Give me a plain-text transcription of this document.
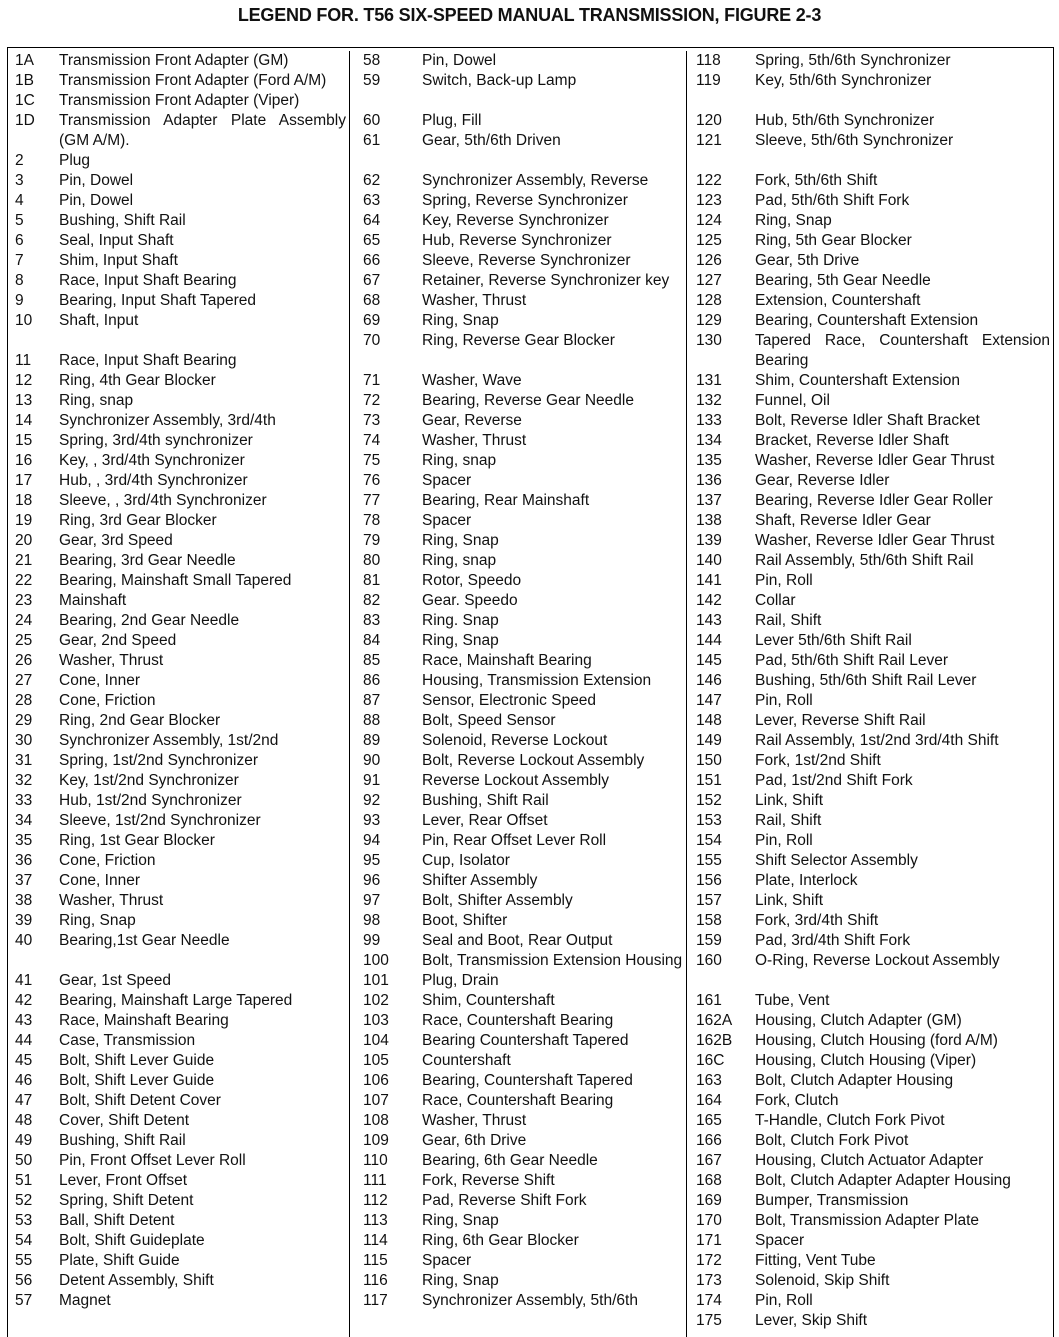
LEGEND FOR. T56 SIX-SPEED MANUAL TRANSMISSION, FIGURE 2-3
1A	Transmission Front Adapter (GM)
1B	Transmission Front Adapter (Ford A/M)
1C	Transmission Front Adapter (Viper)
1D	Transmission Adapter Plate Assembly (GM A/M).
2	Plug
3	Pin, Dowel
4	Pin, Dowel
5	Bushing, Shift Rail
6	Seal, Input Shaft
7	Shim, Input Shaft
8	Race, Input Shaft Bearing
9	Bearing, Input Shaft Tapered
10	Shaft, Input
11	Race, Input Shaft Bearing
12	Ring, 4th Gear Blocker
13	Ring, snap
14	Synchronizer Assembly, 3rd/4th
15	Spring, 3rd/4th synchronizer
16	Key, , 3rd/4th Synchronizer
17	Hub, , 3rd/4th Synchronizer
18	Sleeve, , 3rd/4th Synchronizer
19	Ring, 3rd Gear Blocker
20	Gear, 3rd Speed
21	Bearing, 3rd Gear Needle
22	Bearing, Mainshaft Small Tapered
23	Mainshaft
24	Bearing, 2nd Gear Needle
25	Gear, 2nd Speed
26	Washer, Thrust
27	Cone, Inner
28	Cone, Friction
29	Ring, 2nd Gear Blocker
30	Synchronizer Assembly, 1st/2nd
31	Spring, 1st/2nd Synchronizer
32	Key, 1st/2nd Synchronizer
33	Hub, 1st/2nd Synchronizer
34	Sleeve, 1st/2nd Synchronizer
35	Ring, 1st Gear Blocker
36	Cone, Friction
37	Cone, Inner
38	Washer, Thrust
39	Ring, Snap
40	Bearing,1st Gear Needle
41	Gear, 1st Speed
42	Bearing, Mainshaft Large Tapered
43	Race, Mainshaft Bearing
44	Case, Transmission
45	Bolt, Shift Lever Guide
46	Bolt, Shift Lever Guide
47	Bolt, Shift Detent Cover
48	Cover, Shift Detent
49	Bushing, Shift Rail
50	Pin, Front Offset Lever Roll
51	Lever, Front Offset
52	Spring, Shift Detent
53	Ball, Shift Detent
54	Bolt, Shift Guideplate
55	Plate, Shift Guide
56	Detent Assembly, Shift
57	Magnet
58	Pin, Dowel
59	Switch, Back-up Lamp
60	Plug, Fill
61	Gear, 5th/6th Driven
62	Synchronizer Assembly, Reverse
63	Spring, Reverse Synchronizer
64	Key, Reverse Synchronizer
65	Hub, Reverse Synchronizer
66	Sleeve, Reverse Synchronizer
67	Retainer, Reverse Synchronizer key
68	Washer, Thrust
69	Ring, Snap
70	Ring, Reverse Gear Blocker
71	Washer, Wave
72	Bearing, Reverse Gear Needle
73	Gear, Reverse
74	Washer, Thrust
75	Ring, snap
76	Spacer
77	Bearing, Rear Mainshaft
78	Spacer
79	Ring, Snap
80	Ring, snap
81	Rotor, Speedo
82	Gear. Speedo
83	Ring. Snap
84	Ring, Snap
85	Race, Mainshaft Bearing
86	Housing, Transmission Extension
87	Sensor, Electronic Speed
88	Bolt, Speed Sensor
89	Solenoid, Reverse Lockout
90	Bolt, Reverse Lockout Assembly
91	Reverse Lockout Assembly
92	Bushing, Shift Rail
93	Lever, Rear Offset
94	Pin, Rear Offset Lever Roll
95	Cup, Isolator
96	Shifter Assembly
97	Bolt, Shifter Assembly
98	Boot, Shifter
99	Seal and Boot, Rear Output
100	Bolt, Transmission Extension Housing
101	Plug, Drain
102	Shim, Countershaft
103	Race, Countershaft Bearing
104	Bearing Countershaft Tapered
105	Countershaft
106	Bearing, Countershaft Tapered
107	Race, Countershaft Bearing
108	Washer, Thrust
109	Gear, 6th Drive
110	Bearing, 6th Gear Needle
111	Fork, Reverse Shift
112	Pad, Reverse Shift Fork
113	Ring, Snap
114	Ring, 6th Gear Blocker
115	Spacer
116	Ring, Snap
117	Synchronizer Assembly, 5th/6th
118	Spring, 5th/6th Synchronizer
119	Key, 5th/6th Synchronizer
120	Hub, 5th/6th Synchronizer
121	Sleeve, 5th/6th Synchronizer
122	Fork, 5th/6th Shift
123	Pad, 5th/6th Shift Fork
124	Ring, Snap
125	Ring, 5th Gear Blocker
126	Gear, 5th Drive
127	Bearing, 5th Gear Needle
128	Extension, Countershaft
129	Bearing, Countershaft Extension
130	Tapered Race, Countershaft Extension Bearing
131	Shim, Countershaft Extension
132	Funnel, Oil
133	Bolt, Reverse Idler Shaft Bracket
134	Bracket, Reverse Idler Shaft
135	Washer, Reverse Idler Gear Thrust
136	Gear, Reverse Idler
137	Bearing, Reverse Idler Gear Roller
138	Shaft, Reverse Idler Gear
139	Washer, Reverse Idler Gear Thrust
140	Rail Assembly, 5th/6th Shift Rail
141	Pin, Roll
142	Collar
143	Rail, Shift
144	Lever 5th/6th Shift Rail
145	Pad, 5th/6th Shift Rail Lever
146	Bushing, 5th/6th Shift Rail Lever
147	Pin, Roll
148	Lever, Reverse Shift Rail
149	Rail Assembly, 1st/2nd 3rd/4th Shift
150	Fork, 1st/2nd Shift
151	Pad, 1st/2nd Shift Fork
152	Link, Shift
153	Rail, Shift
154	Pin, Roll
155	Shift Selector Assembly
156	Plate, Interlock
157	Link, Shift
158	Fork, 3rd/4th Shift
159	Pad, 3rd/4th Shift Fork
160	O-Ring, Reverse Lockout Assembly
161	Tube, Vent
162A	Housing, Clutch Adapter (GM)
162B	Housing, Clutch Housing (ford A/M)
16C	Housing, Clutch Housing (Viper)
163	Bolt, Clutch Adapter Housing
164	Fork, Clutch
165	T-Handle, Clutch Fork Pivot
166	Bolt, Clutch Fork Pivot
167	Housing, Clutch Actuator Adapter
168	Bolt, Clutch Adapter Adapter Housing
169	Bumper, Transmission
170	Bolt, Transmission Adapter Plate
171	Spacer
172	Fitting, Vent Tube
173	Solenoid, Skip Shift
174	Pin, Roll
175	Lever, Skip Shift
